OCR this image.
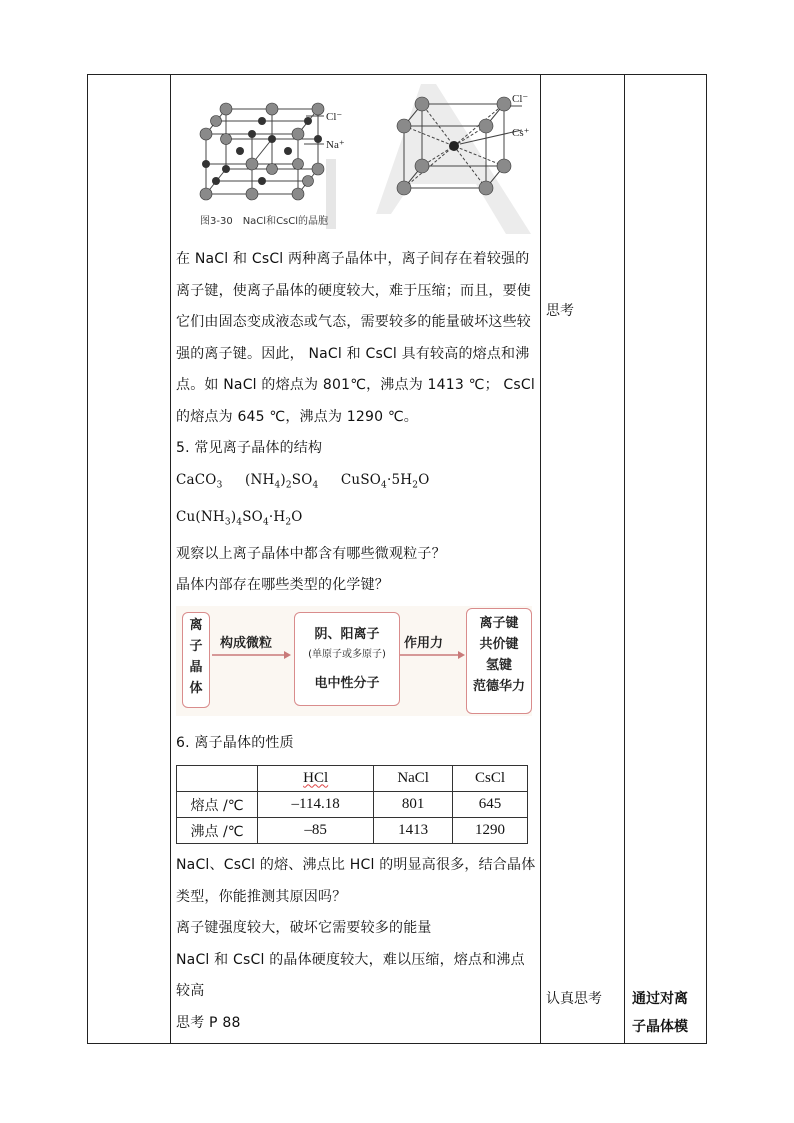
Cl⁻
Na⁺
Cl⁻
Cs⁺
图3-30　NaCl和CsCl的晶胞

在 NaCl 和 CsCl 两种离子晶体中，离子间存在着较强的离子键，使离子晶体的硬度较大，难于压缩；而且，要使它们由固态变成液态或气态，需要较多的能量破坏这些较强的离子键。因此， NaCl 和 CsCl 具有较高的熔点和沸点。如 NaCl 的熔点为 801℃，沸点为 1413 ℃； CsCl 的熔点为 645 ℃，沸点为 1290 ℃。

5. 常见离子晶体的结构

CaCO$_3$ $(NH_4)_2SO_4$ $CuSO_4\cdot 5H_2O$

$Cu(NH_3)_4SO_4\cdot H_2O$

观察以上离子晶体中都含有哪些微观粒子？

晶体内部存在哪些类型的化学键？

离
子
晶
体
构成微粒
阴、阳离子
(单原子或多原子)
电中性分子
作用力
离子键
共价键
氢键
范德华力

6. 离子晶体的性质

	HCl	NaCl	CsCl
熔点 /℃	–114.18	801	645
沸点 /℃	–85	1413	1290

NaCl、CsCl 的熔、沸点比 HCl 的明显高很多，结合晶体类型，你能推测其原因吗？

离子键强度较大，破坏它需要较多的能量

NaCl 和 CsCl 的晶体硬度较大，难以压缩，熔点和沸点较高

思考 P 88

思考
认真思考 通过对离
子晶体模
